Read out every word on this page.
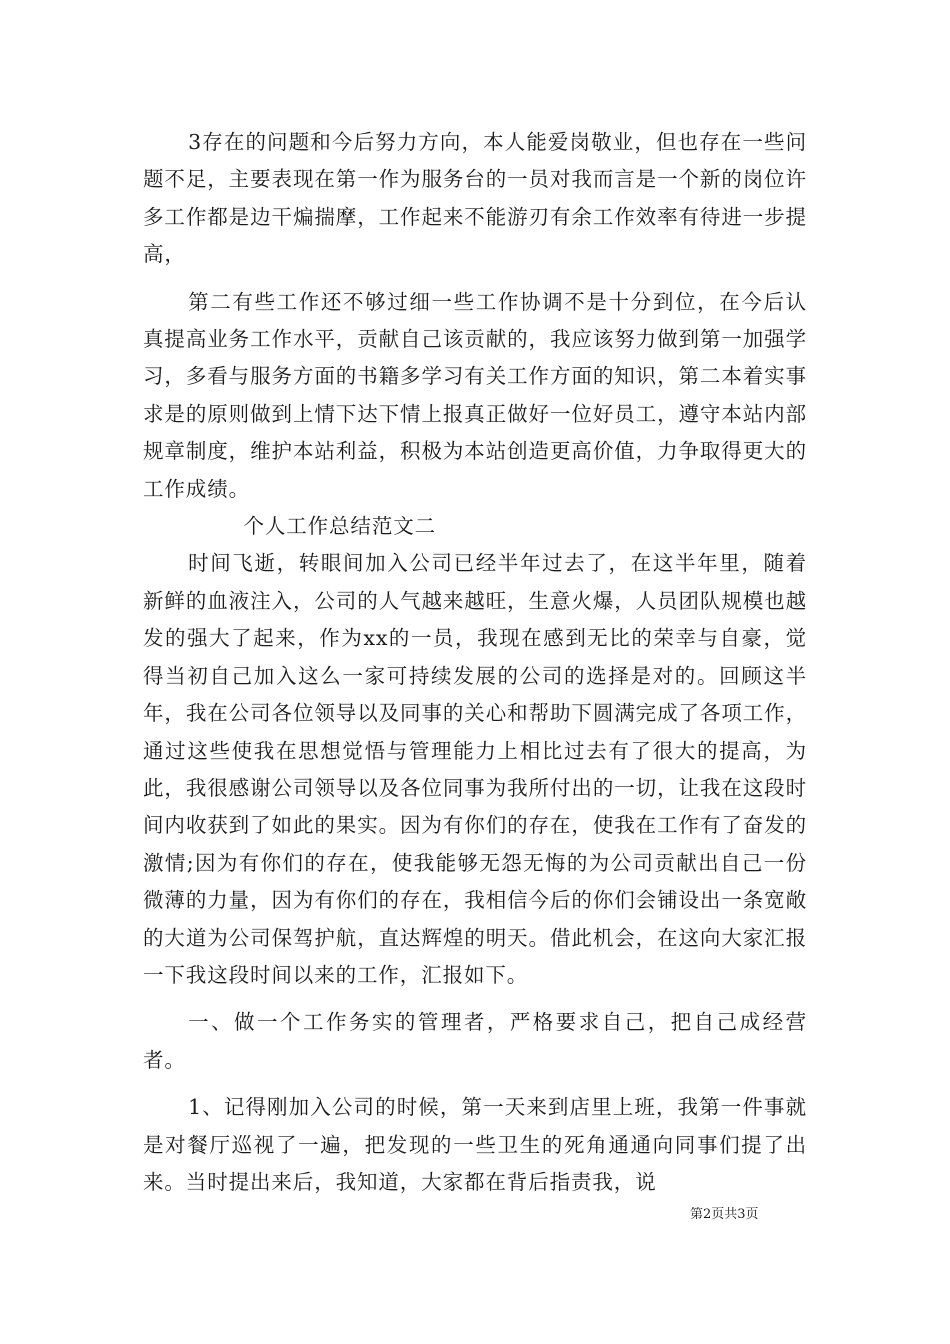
3存在的问题和今后努力方向，本人能爱岗敬业，但也存在一些问题不足，主要表现在第一作为服务台的一员对我而言是一个新的岗位许多工作都是边干煸揣摩，工作起来不能游刃有余工作效率有待进一步提高，

第二有些工作还不够过细一些工作协调不是十分到位，在今后认真提高业务工作水平，贡献自己该贡献的，我应该努力做到第一加强学习，多看与服务方面的书籍多学习有关工作方面的知识，第二本着实事求是的原则做到上情下达下情上报真正做好一位好员工，遵守本站内部规章制度，维护本站利益，积极为本站创造更高价值，力争取得更大的工作成绩。

个人工作总结范文二

时间飞逝，转眼间加入公司已经半年过去了，在这半年里，随着新鲜的血液注入，公司的人气越来越旺，生意火爆，人员团队规模也越发的强大了起来，作为xx的一员，我现在感到无比的荣幸与自豪，觉得当初自己加入这么一家可持续发展的公司的选择是对的。回顾这半年，我在公司各位领导以及同事的关心和帮助下圆满完成了各项工作，通过这些使我在思想觉悟与管理能力上相比过去有了很大的提高，为此，我很感谢公司领导以及各位同事为我所付出的一切，让我在这段时间内收获到了如此的果实。因为有你们的存在，使我在工作有了奋发的激情;因为有你们的存在，使我能够无怨无悔的为公司贡献出自己一份微薄的力量，因为有你们的存在，我相信今后的你们会铺设出一条宽敞的大道为公司保驾护航，直达辉煌的明天。借此机会，在这向大家汇报一下我这段时间以来的工作，汇报如下。

一、做一个工作务实的管理者，严格要求自己，把自己成经营者。

1、记得刚加入公司的时候，第一天来到店里上班，我第一件事就是对餐厅巡视了一遍，把发现的一些卫生的死角通通向同事们提了出来。当时提出来后，我知道，大家都在背后指责我，说

第2页共3页
